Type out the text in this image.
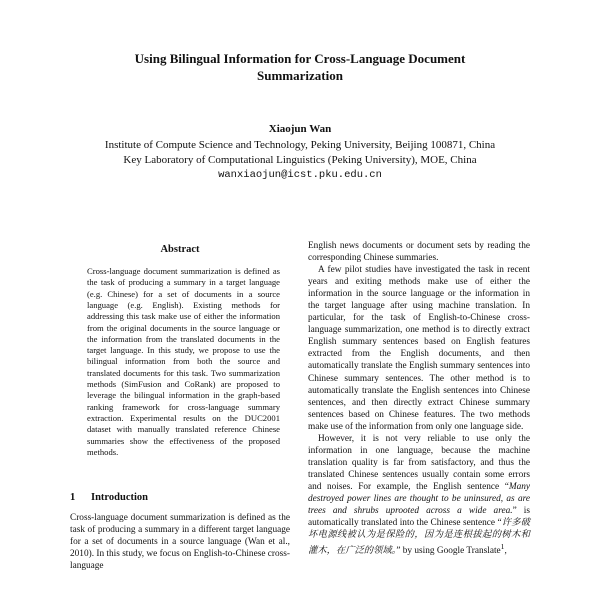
Using Bilingual Information for Cross-Language Document
Summarization
Xiaojun Wan
Institute of Compute Science and Technology, Peking University, Beijing 100871, China
Key Laboratory of Computational Linguistics (Peking University), MOE, China
wanxiaojun@icst.pku.edu.cn
Abstract

Cross-language document summarization is defined as the task of producing a summary in a target language (e.g. Chinese) for a set of documents in a source language (e.g. English). Existing methods for addressing this task make use of either the information from the original documents in the source language or the information from the translated documents in the target language. In this study, we propose to use the bilingual information from both the source and translated documents for this task. Two summarization methods (SimFusion and CoRank) are proposed to leverage the bilingual information in the graph-based ranking framework for cross-language summary extraction. Experimental results on the DUC2001 dataset with manually translated reference Chinese summaries show the effectiveness of the proposed methods.

1 Introduction

Cross-language document summarization is defined as the task of producing a summary in a different target language for a set of documents in a source language (Wan et al., 2010). In this study, we focus on English-to-Chinese cross-language

English news documents or document sets by reading the corresponding Chinese summaries.

A few pilot studies have investigated the task in recent years and exiting methods make use of either the information in the source language or the information in the target language after using machine translation. In particular, for the task of English-to-Chinese cross-language summarization, one method is to directly extract English summary sentences based on English features extracted from the English documents, and then automatically translate the English summary sentences into Chinese summary sentences. The other method is to automatically translate the English sentences into Chinese sentences, and then directly extract Chinese summary sentences based on Chinese features. The two methods make use of the information from only one language side.

However, it is not very reliable to use only the information in one language, because the machine translation quality is far from satisfactory, and thus the translated Chinese sentences usually contain some errors and noises. For example, the English sentence “Many destroyed power lines are thought to be uninsured, as are trees and shrubs uprooted across a wide area.” is automatically translated into the Chinese sentence “许多破坏电源线被认为是保险的，因为是连根拔起的树木和灌木，在广泛的领域。” by using Google Translate$^1$,
